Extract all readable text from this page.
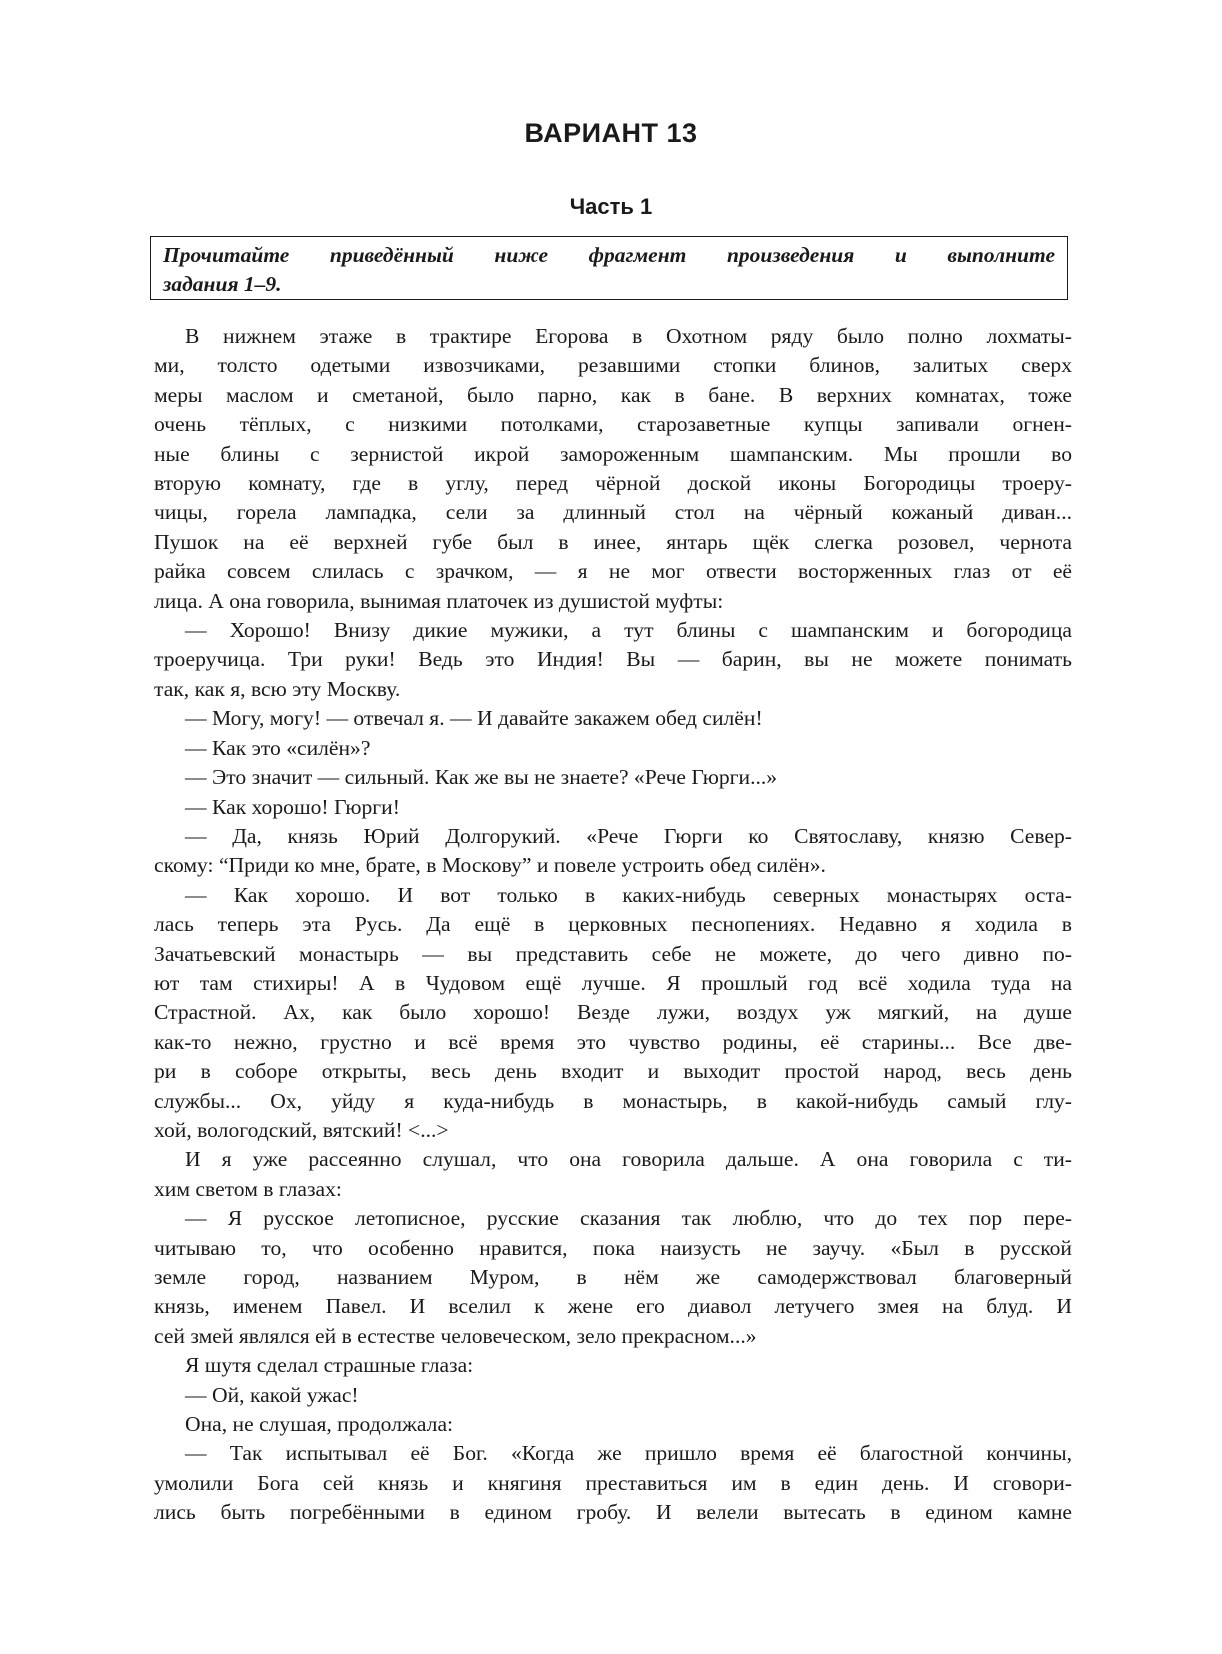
ВАРИАНТ 13
Часть 1
Прочитайте приведённый ниже фрагмент произведения и выполните
задания 1–9.
В нижнем этаже в трактире Егорова в Охотном ряду было полно лохматы-
ми, толсто одетыми извозчиками, резавшими стопки блинов, залитых сверх
меры маслом и сметаной, было парно, как в бане. В верхних комнатах, тоже
очень тёплых, с низкими потолками, старозаветные купцы запивали огнен-
ные блины с зернистой икрой замороженным шампанским. Мы прошли во
вторую комнату, где в углу, перед чёрной доской иконы Богородицы троеру-
чицы, горела лампадка, сели за длинный стол на чёрный кожаный диван...
Пушок на её верхней губе был в инее, янтарь щёк слегка розовел, чернота
райка совсем слилась с зрачком, — я не мог отвести восторженных глаз от её
лица. А она говорила, вынимая платочек из душистой муфты:
— Хорошо! Внизу дикие мужики, а тут блины с шампанским и богородица
троеручица. Три руки! Ведь это Индия! Вы — барин, вы не можете понимать
так, как я, всю эту Москву.
— Могу, могу! — отвечал я. — И давайте закажем обед силён!
— Как это «силён»?
— Это значит — сильный. Как же вы не знаете? «Рече Гюрги...»
— Как хорошо! Гюрги!
— Да, князь Юрий Долгорукий. «Рече Гюрги ко Святославу, князю Север-
скому: “Приди ко мне, брате, в Москову” и повеле устроить обед силён».
— Как хорошо. И вот только в каких-нибудь северных монастырях оста-
лась теперь эта Русь. Да ещё в церковных песнопениях. Недавно я ходила в
Зачатьевский монастырь — вы представить себе не можете, до чего дивно по-
ют там стихиры! А в Чудовом ещё лучше. Я прошлый год всё ходила туда на
Страстной. Ах, как было хорошо! Везде лужи, воздух уж мягкий, на душе
как-то нежно, грустно и всё время это чувство родины, её старины... Все две-
ри в соборе открыты, весь день входит и выходит простой народ, весь день
службы... Ох, уйду я куда-нибудь в монастырь, в какой-нибудь самый глу-
хой, вологодский, вятский! <...>
И я уже рассеянно слушал, что она говорила дальше. А она говорила с ти-
хим светом в глазах:
— Я русское летописное, русские сказания так люблю, что до тех пор пере-
читываю то, что особенно нравится, пока наизусть не заучу. «Был в русской
земле город, названием Муром, в нём же самодержствовал благоверный
князь, именем Павел. И вселил к жене его диавол летучего змея на блуд. И
сей змей являлся ей в естестве человеческом, зело прекрасном...»
Я шутя сделал страшные глаза:
— Ой, какой ужас!
Она, не слушая, продолжала:
— Так испытывал её Бог. «Когда же пришло время её благостной кончины,
умолили Бога сей князь и княгиня преставиться им в един день. И сговори-
лись быть погребёнными в едином гробу. И велели вытесать в едином камне
